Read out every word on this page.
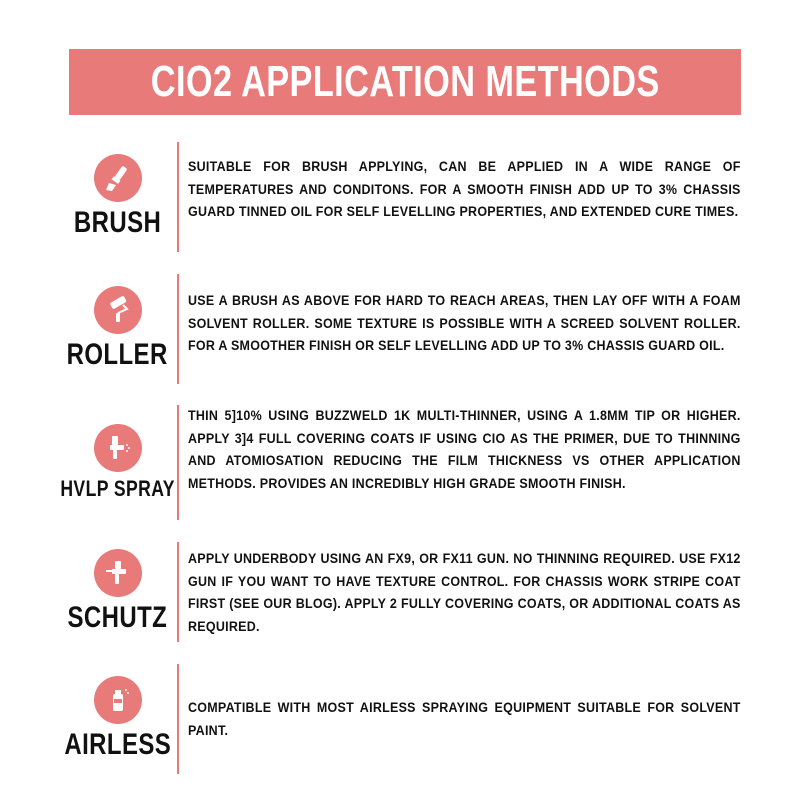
CIO2 APPLICATION METHODS
BRUSH
SUITABLE FOR BRUSH APPLYING, CAN BE APPLIED IN A WIDE RANGE OF TEMPERATURES AND CONDITONS. FOR A SMOOTH FINISH ADD UP TO 3% CHASSIS GUARD TINNED OIL FOR SELF LEVELLING PROPERTIES, AND EXTENDED CURE TIMES.
ROLLER
USE A BRUSH AS ABOVE FOR HARD TO REACH AREAS, THEN LAY OFF WITH A FOAM SOLVENT ROLLER. SOME TEXTURE IS POSSIBLE WITH A SCREED SOLVENT ROLLER. FOR A SMOOTHER FINISH OR SELF LEVELLING ADD UP TO 3% CHASSIS GUARD OIL.
HVLP SPRAY
THIN 5]10% USING BUZZWELD 1K MULTI-THINNER, USING A 1.8MM TIP OR HIGHER. APPLY 3]4 FULL COVERING COATS IF USING CIO AS THE PRIMER, DUE TO THINNING AND ATOMIOSATION REDUCING THE FILM THICKNESS VS OTHER APPLICATION METHODS. PROVIDES AN INCREDIBLY HIGH GRADE SMOOTH FINISH.
SCHUTZ
APPLY UNDERBODY USING AN FX9, OR FX11 GUN. NO THINNING REQUIRED. USE FX12 GUN IF YOU WANT TO HAVE TEXTURE CONTROL. FOR CHASSIS WORK STRIPE COAT FIRST (SEE OUR BLOG). APPLY 2 FULLY COVERING COATS, OR ADDITIONAL COATS AS REQUIRED.
AIRLESS
COMPATIBLE WITH MOST AIRLESS SPRAYING EQUIPMENT SUITABLE FOR SOLVENT PAINT.
